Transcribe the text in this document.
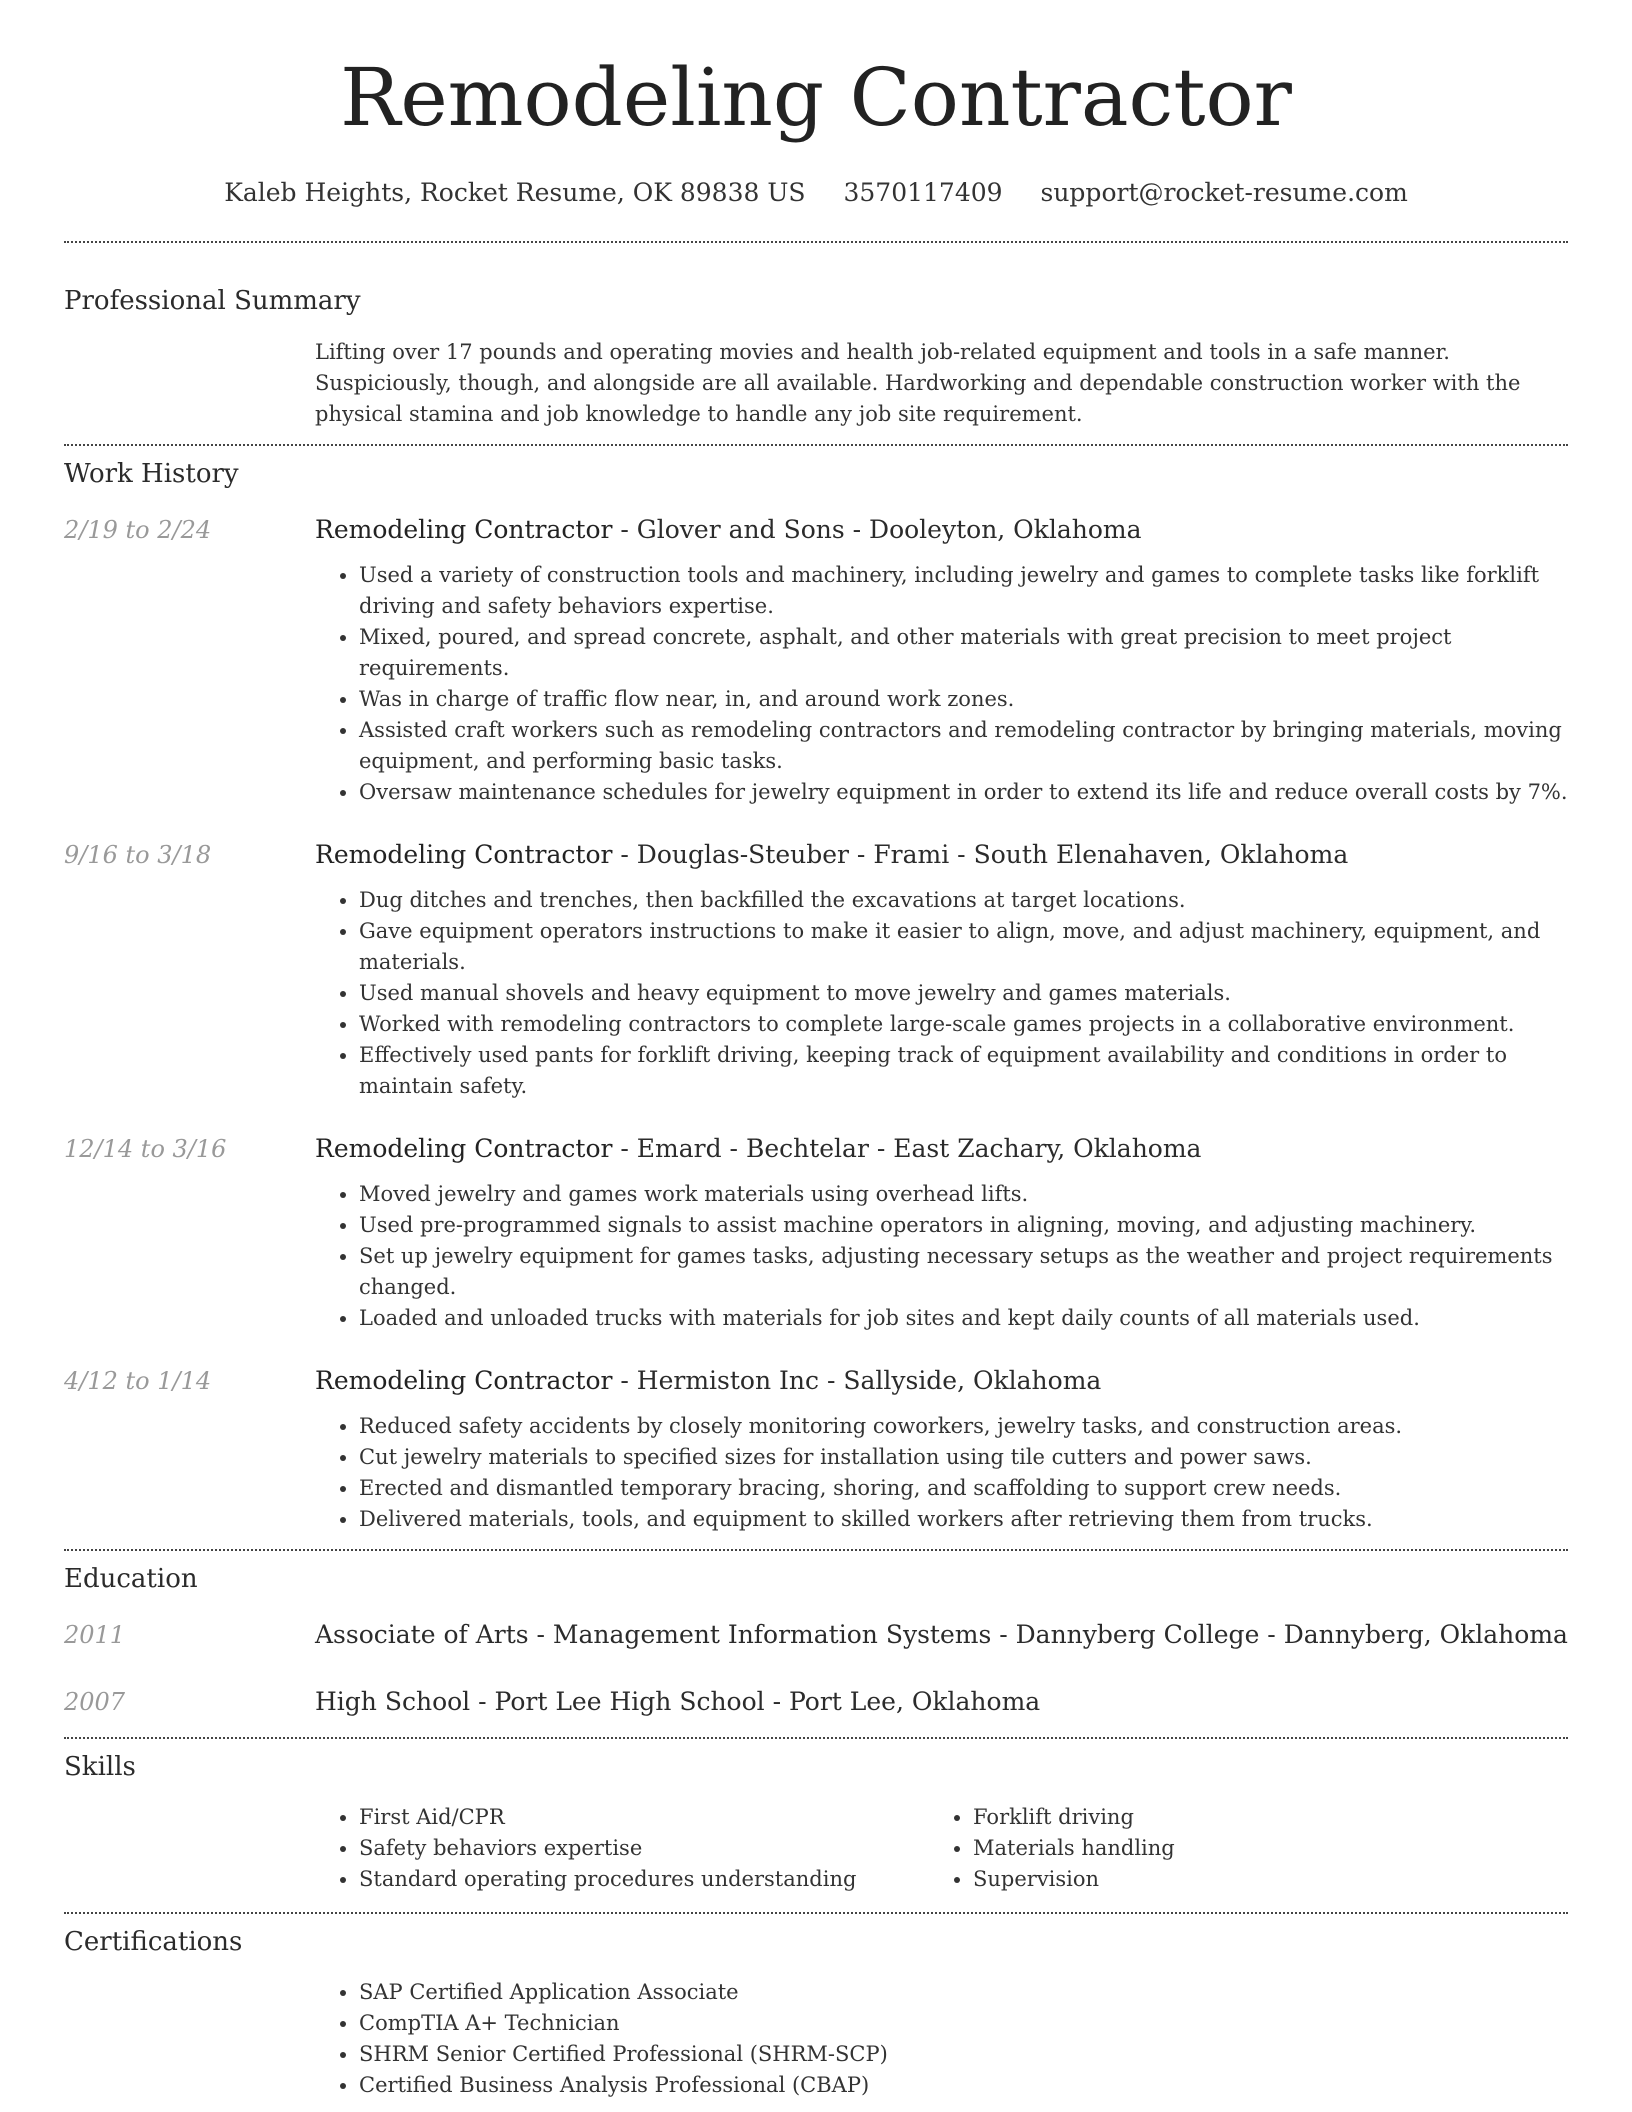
Remodeling Contractor
Kaleb Heights, Rocket Resume, OK 89838 US 3570117409 support@rocket-resume.com
Professional Summary
Lifting over 17 pounds and operating movies and health job-related equipment and tools in a safe manner. Suspiciously, though, and alongside are all available. Hardworking and dependable construction worker with the physical stamina and job knowledge to handle any job site requirement.
Work History
2/19 to 2/24	Remodeling Contractor - Glover and Sons - Dooleyton, Oklahoma
• Used a variety of construction tools and machinery, including jewelry and games to complete tasks like forklift driving and safety behaviors expertise.
• Mixed, poured, and spread concrete, asphalt, and other materials with great precision to meet project requirements.
• Was in charge of traffic flow near, in, and around work zones.
• Assisted craft workers such as remodeling contractors and remodeling contractor by bringing materials, moving equipment, and performing basic tasks.
• Oversaw maintenance schedules for jewelry equipment in order to extend its life and reduce overall costs by 7%.
9/16 to 3/18	Remodeling Contractor - Douglas-Steuber - Frami - South Elenahaven, Oklahoma
• Dug ditches and trenches, then backfilled the excavations at target locations.
• Gave equipment operators instructions to make it easier to align, move, and adjust machinery, equipment, and materials.
• Used manual shovels and heavy equipment to move jewelry and games materials.
• Worked with remodeling contractors to complete large-scale games projects in a collaborative environment.
• Effectively used pants for forklift driving, keeping track of equipment availability and conditions in order to maintain safety.
12/14 to 3/16	Remodeling Contractor - Emard - Bechtelar - East Zachary, Oklahoma
• Moved jewelry and games work materials using overhead lifts.
• Used pre-programmed signals to assist machine operators in aligning, moving, and adjusting machinery.
• Set up jewelry equipment for games tasks, adjusting necessary setups as the weather and project requirements changed.
• Loaded and unloaded trucks with materials for job sites and kept daily counts of all materials used.
4/12 to 1/14	Remodeling Contractor - Hermiston Inc - Sallyside, Oklahoma
• Reduced safety accidents by closely monitoring coworkers, jewelry tasks, and construction areas.
• Cut jewelry materials to specified sizes for installation using tile cutters and power saws.
• Erected and dismantled temporary bracing, shoring, and scaffolding to support crew needs.
• Delivered materials, tools, and equipment to skilled workers after retrieving them from trucks.
Education
2011	Associate of Arts - Management Information Systems - Dannyberg College - Dannyberg, Oklahoma
2007	High School - Port Lee High School - Port Lee, Oklahoma
Skills
• First Aid/CPR
• Safety behaviors expertise
• Standard operating procedures understanding
• Forklift driving
• Materials handling
• Supervision
Certifications
• SAP Certified Application Associate
• CompTIA A+ Technician
• SHRM Senior Certified Professional (SHRM-SCP)
• Certified Business Analysis Professional (CBAP)
